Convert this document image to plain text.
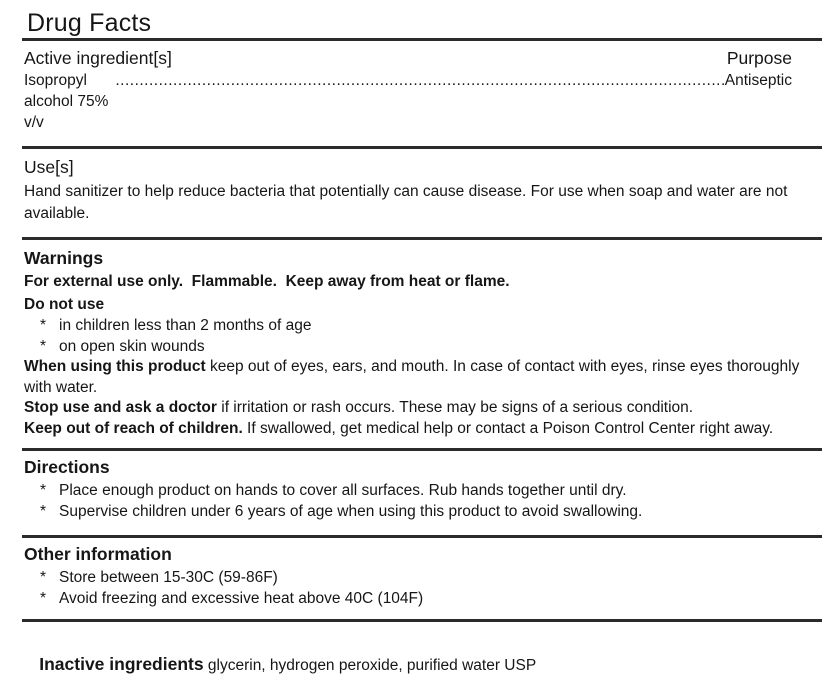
Drug Facts
Active ingredient[s]	Purpose
Isopropyl alcohol 75% v/v
.....
Antiseptic
Use[s]
Hand sanitizer to help reduce bacteria that potentially can cause disease. For use when soap and water are not available.
Warnings
For external use only.  Flammable.  Keep away from heat or flame.
Do not use
* in children less than 2 months of age
* on open skin wounds
When using this product keep out of eyes, ears, and mouth. In case of contact with eyes, rinse eyes thoroughly with water.
Stop use and ask a doctor if irritation or rash occurs. These may be signs of a serious condition.
Keep out of reach of children. If swallowed, get medical help or contact a Poison Control Center right away.
Directions
* Place enough product on hands to cover all surfaces. Rub hands together until dry.
* Supervise children under 6 years of age when using this product to avoid swallowing.
Other information
* Store between 15-30C (59-86F)
* Avoid freezing and excessive heat above 40C (104F)

Inactive ingredients glycerin, hydrogen peroxide, purified water USP
